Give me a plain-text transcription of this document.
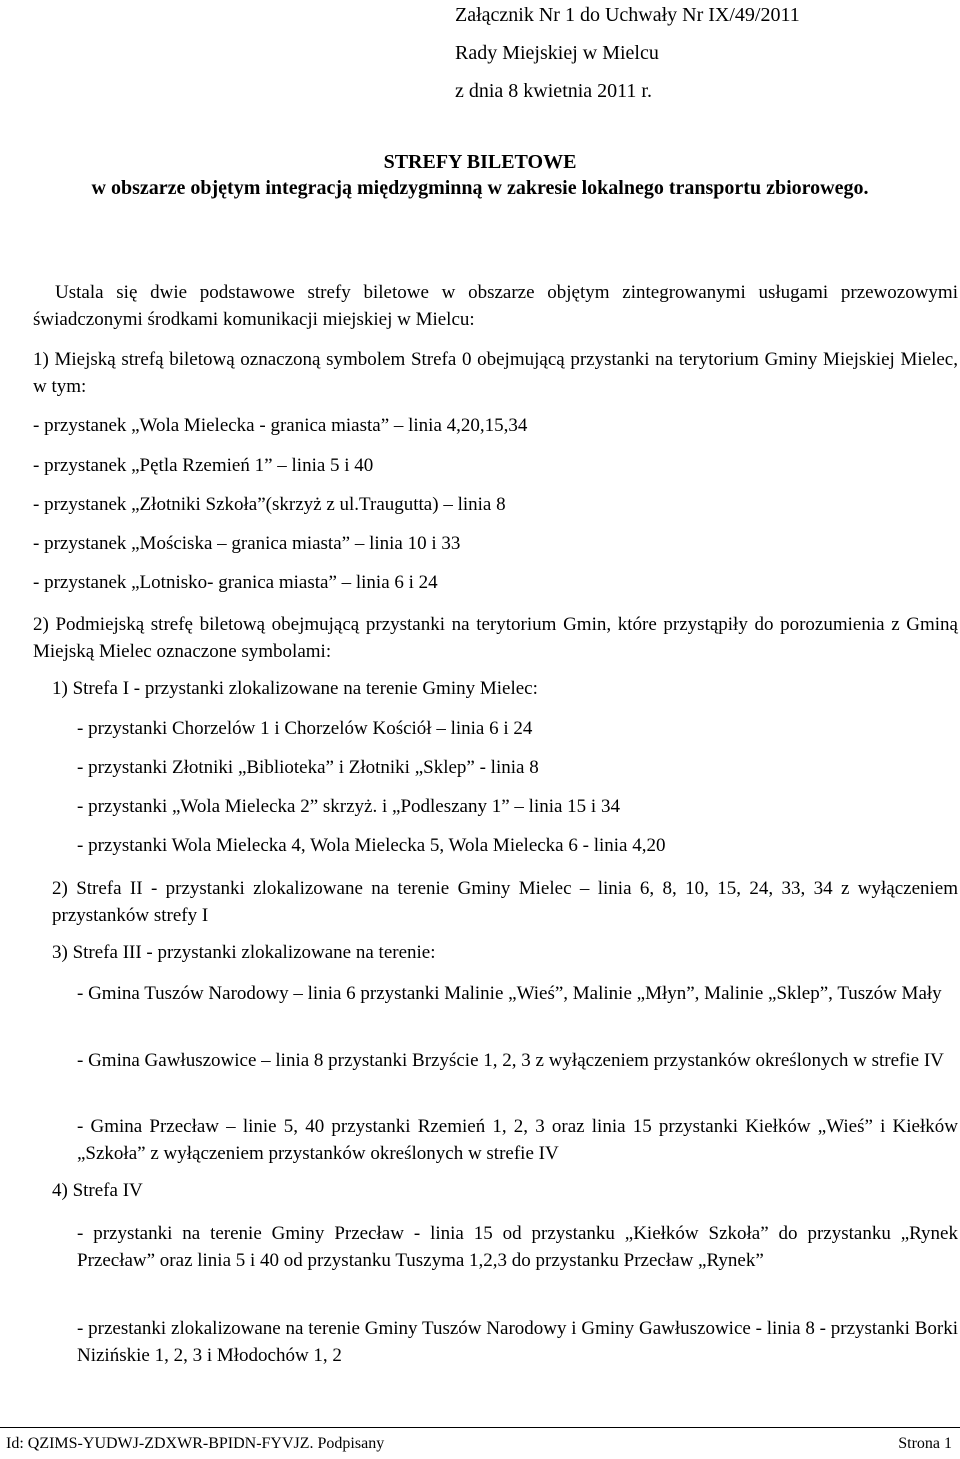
Załącznik Nr 1 do Uchwały Nr IX/49/2011
Rady Miejskiej w Mielcu
z dnia 8 kwietnia 2011 r.
STREFY BILETOWE
w obszarze objętym integracją międzygminną w zakresie lokalnego transportu zbiorowego.
Ustala się dwie podstawowe strefy biletowe w obszarze objętym zintegrowanymi usługami przewozowymi świadczonymi środkami komunikacji miejskiej w Mielcu:
1) Miejską strefą biletową oznaczoną symbolem Strefa 0 obejmującą przystanki na terytorium Gminy Miejskiej Mielec, w tym:
- przystanek „Wola Mielecka - granica miasta” – linia 4,20,15,34
- przystanek „Pętla Rzemień 1” – linia 5 i 40
- przystanek „Złotniki Szkoła”(skrzyż z ul.Traugutta) – linia 8
- przystanek „Mościska – granica miasta” – linia 10 i 33
- przystanek „Lotnisko- granica miasta” – linia 6 i 24
2) Podmiejską strefę biletową obejmującą przystanki na terytorium Gmin, które przystąpiły do porozumienia z Gminą Miejską Mielec oznaczone symbolami:
1) Strefa I - przystanki zlokalizowane na terenie Gminy Mielec:
- przystanki Chorzelów 1 i Chorzelów Kościół – linia 6 i 24
- przystanki Złotniki „Biblioteka” i Złotniki „Sklep” - linia 8
- przystanki „Wola Mielecka 2” skrzyż. i „Podleszany 1” – linia 15 i 34
- przystanki Wola Mielecka 4, Wola Mielecka 5, Wola Mielecka 6 - linia 4,20
2) Strefa II - przystanki zlokalizowane na terenie Gminy Mielec – linia 6, 8, 10, 15, 24, 33, 34 z wyłączeniem przystanków strefy I
3) Strefa III - przystanki zlokalizowane na terenie:
- Gmina Tuszów Narodowy – linia 6 przystanki Malinie „Wieś”, Malinie „Młyn”, Malinie „Sklep”, Tuszów Mały
- Gmina Gawłuszowice – linia 8 przystanki Brzyście 1, 2, 3 z wyłączeniem przystanków określonych w strefie IV
- Gmina Przecław – linie 5, 40 przystanki Rzemień 1, 2, 3 oraz linia 15 przystanki Kiełków „Wieś” i Kiełków „Szkoła” z wyłączeniem przystanków określonych w strefie IV
4) Strefa IV
- przystanki na terenie Gminy Przecław - linia 15 od przystanku „Kiełków Szkoła” do przystanku „Rynek Przecław” oraz linia 5 i 40 od przystanku Tuszyma 1,2,3 do przystanku Przecław „Rynek”
- przestanki zlokalizowane na terenie Gminy Tuszów Narodowy i Gminy Gawłuszowice - linia 8 - przystanki Borki Nizińskie 1, 2, 3 i Młodochów 1, 2
Id: QZIMS-YUDWJ-ZDXWR-BPIDN-FYVJZ. Podpisany	Strona 1
